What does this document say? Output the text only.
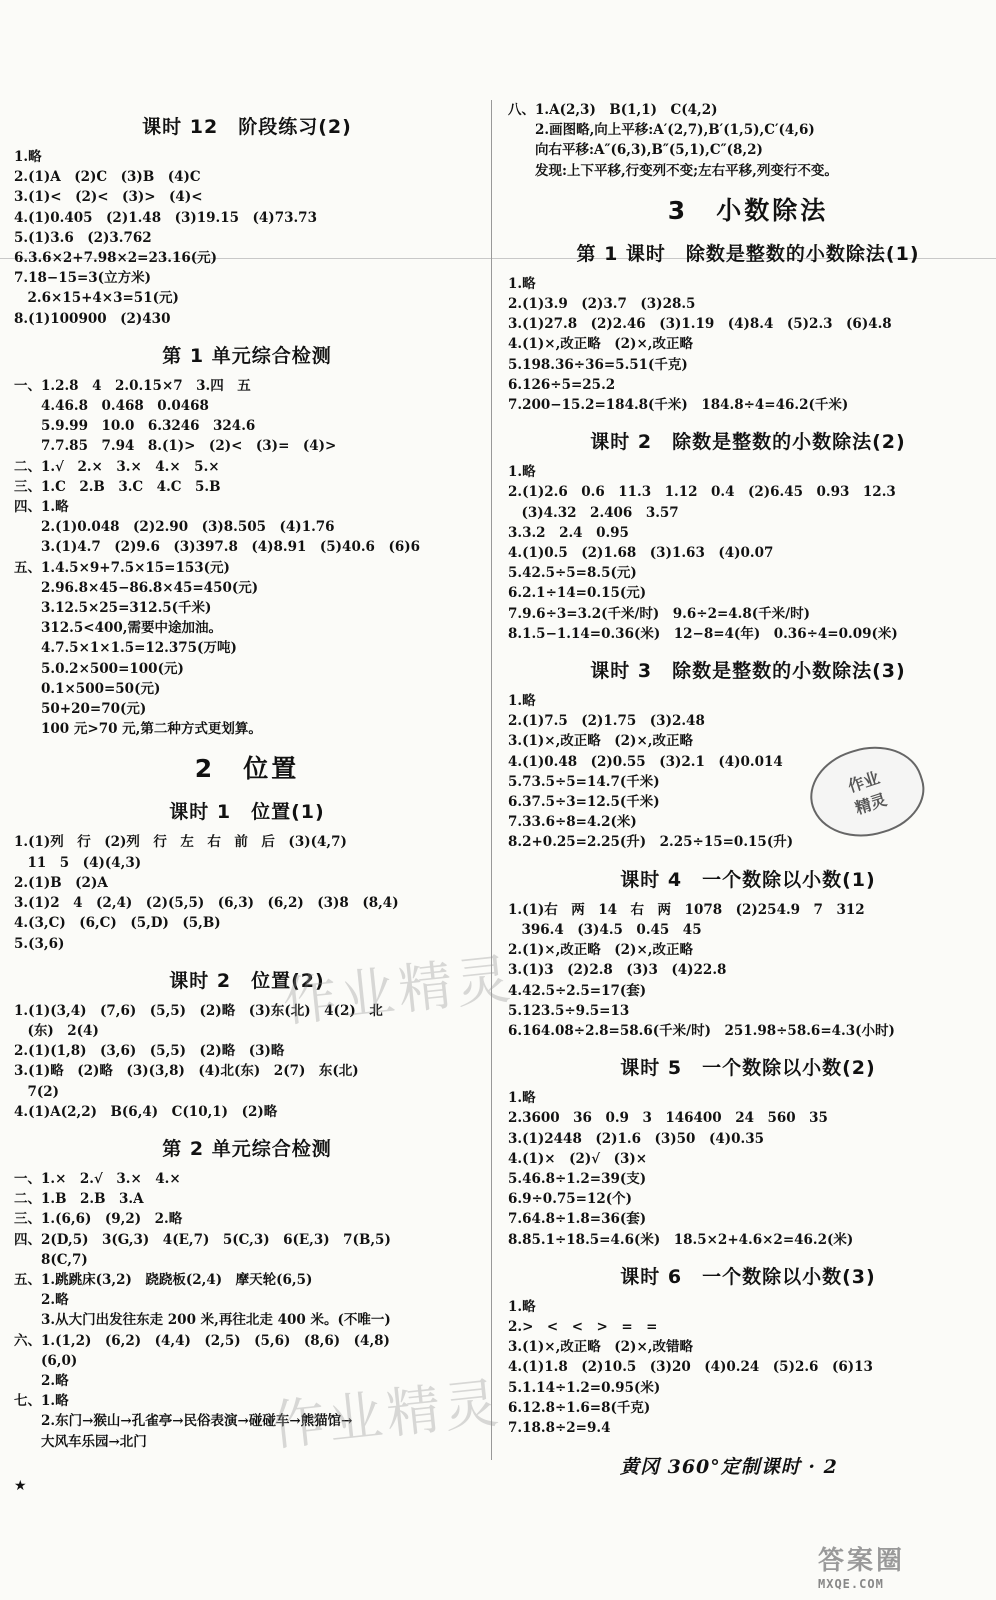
课时 12　阶段练习(2)
1.略
2.(1)A　(2)C　(3)B　(4)C
3.(1)<　(2)<　(3)>　(4)<
4.(1)0.405　(2)1.48　(3)19.15　(4)73.73
5.(1)3.6　(2)3.762
6.3.6×2+7.98×2=23.16(元)
7.18−15=3(立方米)
　2.6×15+4×3=51(元)
8.(1)100900　(2)430
第 1 单元综合检测
一、1.2.8　4　2.0.15×7　3.四　五
　　4.46.8　0.468　0.0468
　　5.9.99　10.0　6.3246　324.6
　　7.7.85　7.94　8.(1)>　(2)<　(3)=　(4)>
二、1.√　2.×　3.×　4.×　5.×
三、1.C　2.B　3.C　4.C　5.B
四、1.略
　　2.(1)0.048　(2)2.90　(3)8.505　(4)1.76
　　3.(1)4.7　(2)9.6　(3)397.8　(4)8.91　(5)40.6　(6)6
五、1.4.5×9+7.5×15=153(元)
　　2.96.8×45−86.8×45=450(元)
　　3.12.5×25=312.5(千米)
　　312.5<400,需要中途加油。
　　4.7.5×1×1.5=12.375(万吨)
　　5.0.2×500=100(元)
　　0.1×500=50(元)
　　50+20=70(元)
　　100 元>70 元,第二种方式更划算。
2　位置
课时 1　位置(1)
1.(1)列　行　(2)列　行　左　右　前　后　(3)(4,7)
　11　5　(4)(4,3)
2.(1)B　(2)A
3.(1)2　4　(2,4)　(2)(5,5)　(6,3)　(6,2)　(3)8　(8,4)
4.(3,C)　(6,C)　(5,D)　(5,B)
5.(3,6)
课时 2　位置(2)
1.(1)(3,4)　(7,6)　(5,5)　(2)略　(3)东(北)　4(2)　北
　(东)　2(4)
2.(1)(1,8)　(3,6)　(5,5)　(2)略　(3)略
3.(1)略　(2)略　(3)(3,8)　(4)北(东)　2(7)　东(北)
　7(2)
4.(1)A(2,2)　B(6,4)　C(10,1)　(2)略
第 2 单元综合检测
一、1.×　2.√　3.×　4.×
二、1.B　2.B　3.A
三、1.(6,6)　(9,2)　2.略
四、2(D,5)　3(G,3)　4(E,7)　5(C,3)　6(E,3)　7(B,5)
　　8(C,7)
五、1.跳跳床(3,2)　跷跷板(2,4)　摩天轮(6,5)
　　2.略
　　3.从大门出发往东走 200 米,再往北走 400 米。(不唯一)
六、1.(1,2)　(6,2)　(4,4)　(2,5)　(5,6)　(8,6)　(4,8)
　　(6,0)
　　2.略
七、1.略
　　2.东门→猴山→孔雀亭→民俗表演→碰碰车→熊猫馆→
　　大风车乐园→北门
八、1.A(2,3)　B(1,1)　C(4,2)
　　2.画图略,向上平移:A′(2,7),B′(1,5),C′(4,6)
　　向右平移:A″(6,3),B″(5,1),C″(8,2)
　　发现:上下平移,行变列不变;左右平移,列变行不变。
3　小数除法
第 1 课时　除数是整数的小数除法(1)
1.略
2.(1)3.9　(2)3.7　(3)28.5
3.(1)27.8　(2)2.46　(3)1.19　(4)8.4　(5)2.3　(6)4.8
4.(1)×,改正略　(2)×,改正略
5.198.36÷36=5.51(千克)
6.126÷5=25.2
7.200−15.2=184.8(千米)　184.8÷4=46.2(千米)
课时 2　除数是整数的小数除法(2)
1.略
2.(1)2.6　0.6　11.3　1.12　0.4　(2)6.45　0.93　12.3
　(3)4.32　2.406　3.57
3.3.2　2.4　0.95
4.(1)0.5　(2)1.68　(3)1.63　(4)0.07
5.42.5÷5=8.5(元)
6.2.1÷14=0.15(元)
7.9.6÷3=3.2(千米/时)　9.6÷2=4.8(千米/时)
8.1.5−1.14=0.36(米)　12−8=4(年)　0.36÷4=0.09(米)
课时 3　除数是整数的小数除法(3)
1.略
2.(1)7.5　(2)1.75　(3)2.48
3.(1)×,改正略　(2)×,改正略
4.(1)0.48　(2)0.55　(3)2.1　(4)0.014
5.73.5÷5=14.7(千米)
6.37.5÷3=12.5(千米)
7.33.6÷8=4.2(米)
8.2+0.25=2.25(升)　2.25÷15=0.15(升)
课时 4　一个数除以小数(1)
1.(1)右　两　14　右　两　1078　(2)254.9　7　312
　396.4　(3)4.5　0.45　45
2.(1)×,改正略　(2)×,改正略
3.(1)3　(2)2.8　(3)3　(4)22.8
4.42.5÷2.5=17(套)
5.123.5÷9.5=13
6.164.08÷2.8=58.6(千米/时)　251.98÷58.6=4.3(小时)
课时 5　一个数除以小数(2)
1.略
2.3600　36　0.9　3　146400　24　560　35
3.(1)2448　(2)1.6　(3)50　(4)0.35
4.(1)×　(2)√　(3)×
5.46.8÷1.2=39(支)
6.9÷0.75=12(个)
7.64.8÷1.8=36(套)
8.85.1÷18.5=4.6(米)　18.5×2+4.6×2=46.2(米)
课时 6　一个数除以小数(3)
1.略
2.>　<　<　>　=　=
3.(1)×,改正略　(2)×,改错略
4.(1)1.8　(2)10.5　(3)20　(4)0.24　(5)2.6　(6)13
5.1.14÷1.2=0.95(米)
6.12.8÷1.6=8(千克)
7.18.8÷2=9.4
作业精灵
作业精灵
作业
精灵
★
黄冈 360°定制课时 · 2
答案圈
MXQE.COM
